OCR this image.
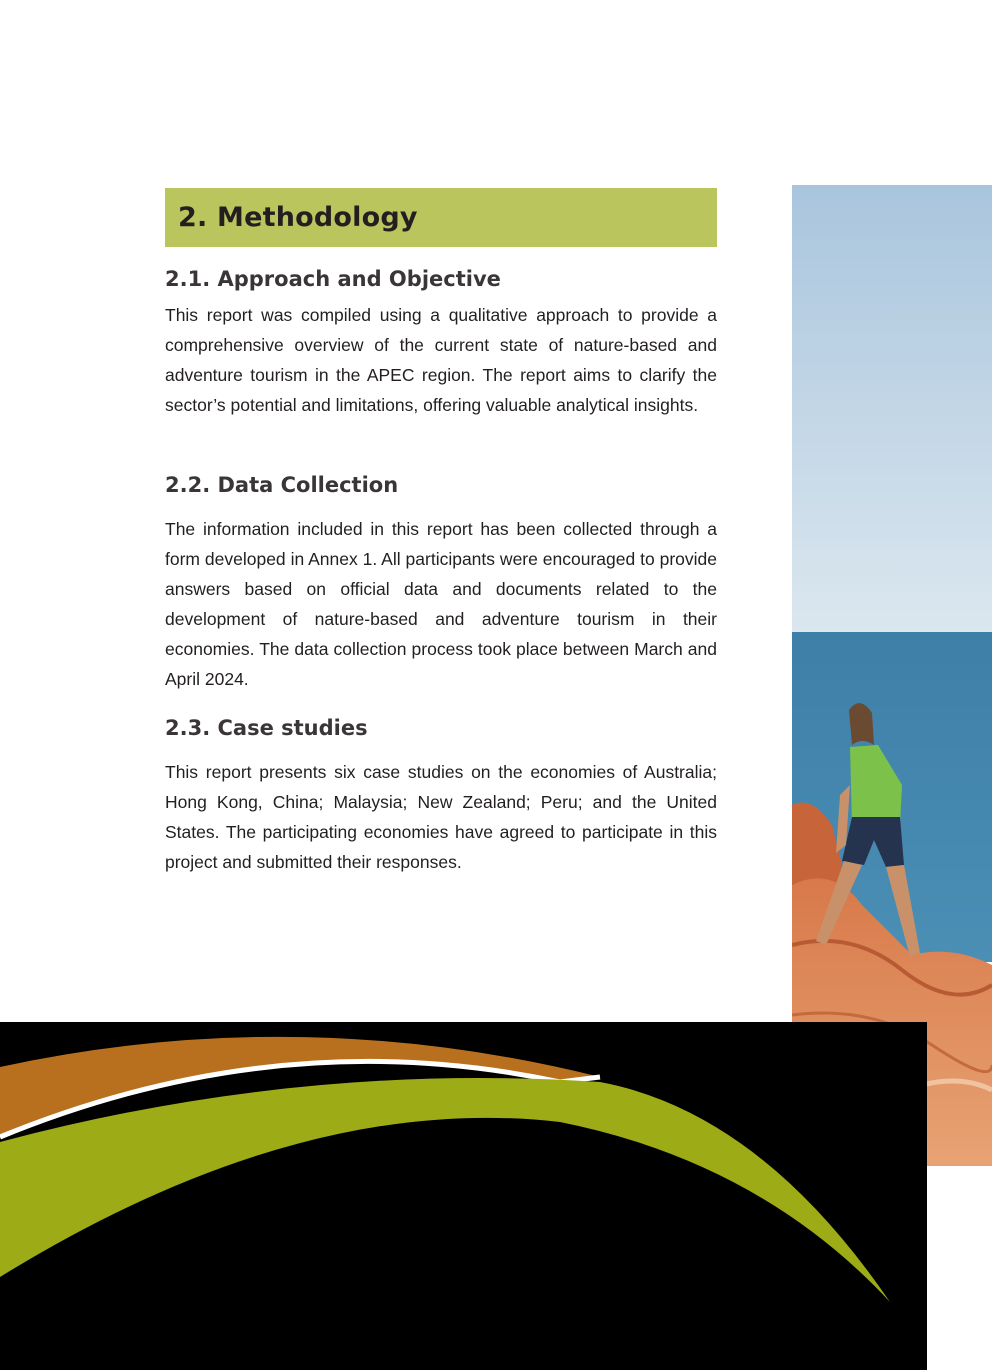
2. Methodology
2.1. Approach and Objective

This report was compiled using a qualitative approach to provide a comprehensive overview of the current state of nature-based and adventure tourism in the APEC region. The report aims to clarify the sector’s potential and limitations, offering valuable analytical insights.

2.2. Data Collection

The information included in this report has been collected through a form developed in Annex 1. All participants were encouraged to provide answers based on official data and documents related to the development of nature-based and adventure tourism in their economies. The data collection process took place between March and April 2024.

2.3. Case studies

This report presents six case studies on the economies of Australia; Hong Kong, China; Malaysia; New Zealand; Peru; and the United States. The participating economies have agreed to participate in this project and submitted their responses.
